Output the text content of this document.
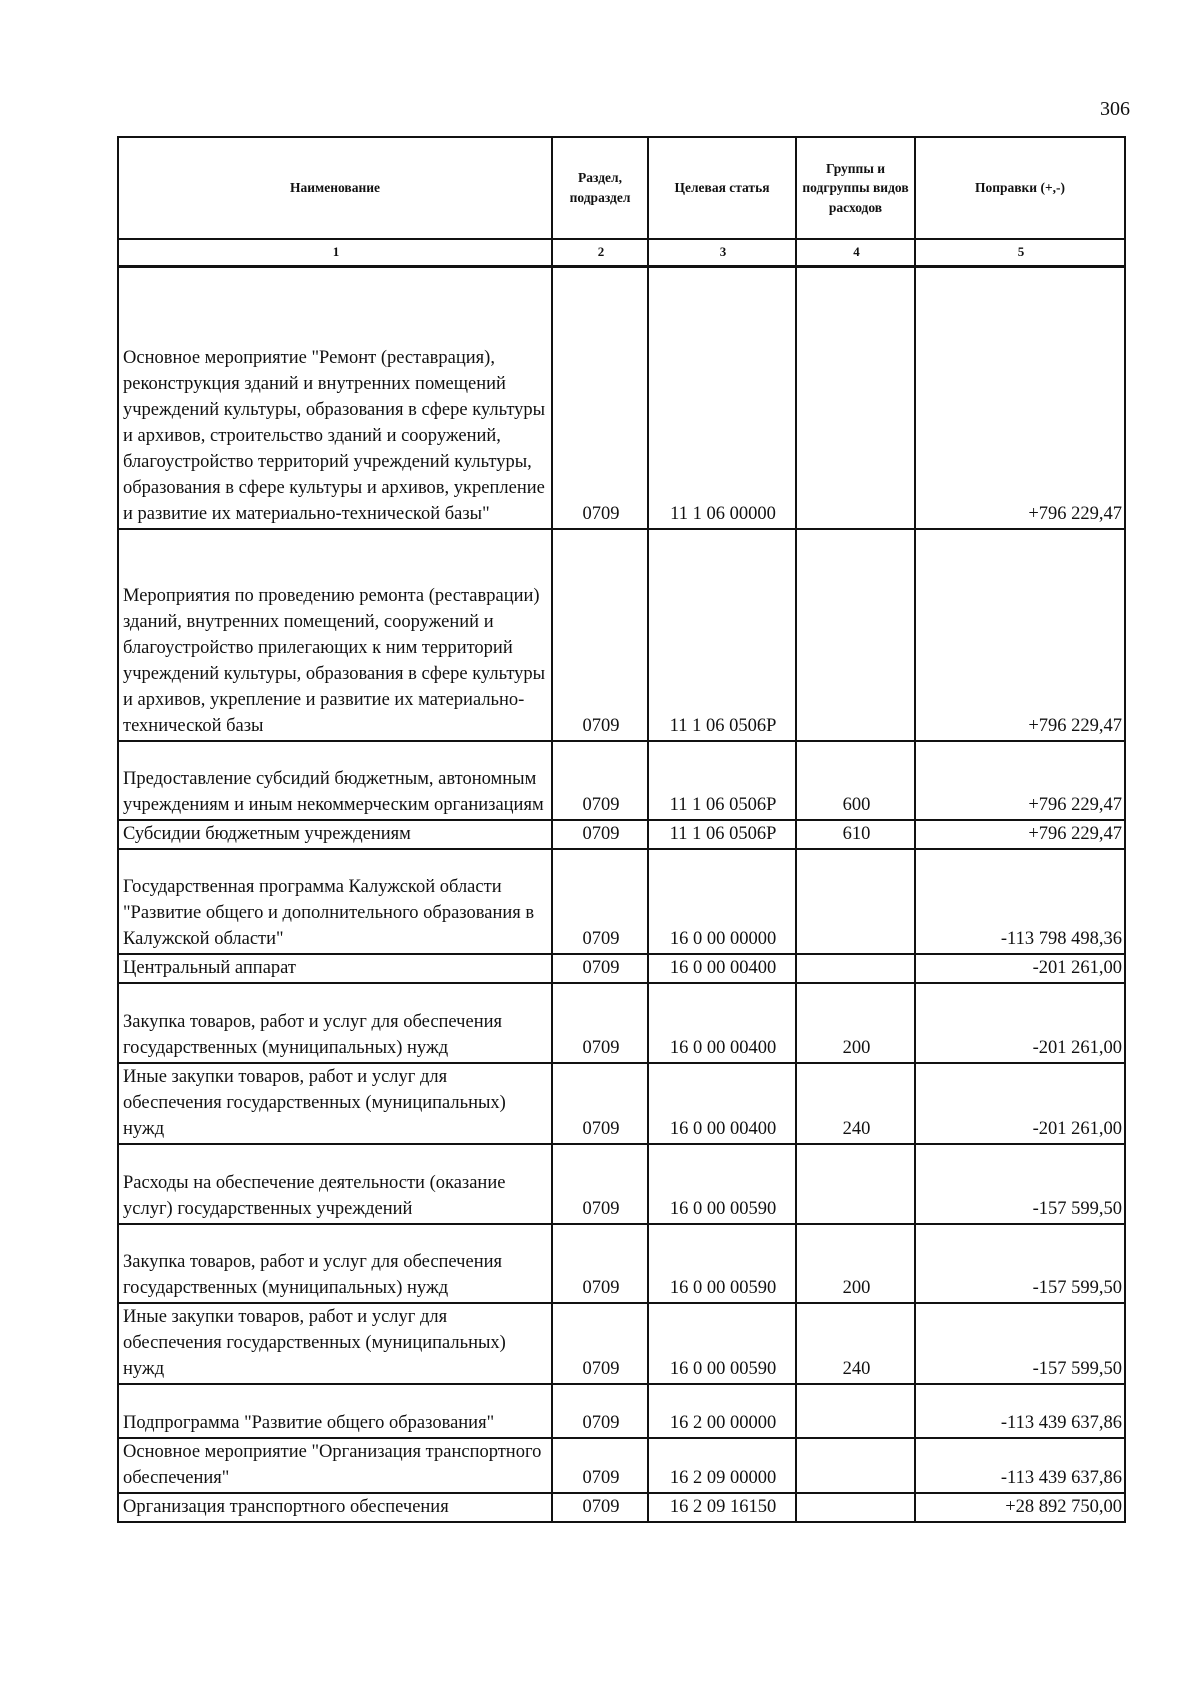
306
Наименование	Раздел, подраздел	Целевая статья	Группы и подгруппы видов расходов	Поправки (+,-)
1	2	3	4	5
Основное мероприятие "Ремонт (реставрация), реконструкция зданий и внутренних помещений учреждений культуры, образования в сфере культуры и архивов, строительство зданий и сооружений, благоустройство территорий учреждений культуры, образования в сфере культуры и архивов, укрепление и развитие их материально-технической базы"	0709	11 1 06 00000		+796 229,47
Мероприятия по проведению ремонта (реставрации) зданий, внутренних помещений, сооружений и благоустройство прилегающих к ним территорий учреждений культуры, образования в сфере культуры и архивов, укрепление и развитие их материально-технической базы	0709	11 1 06 0506Р		+796 229,47
Предоставление субсидий бюджетным, автономным учреждениям и иным некоммерческим организациям	0709	11 1 06 0506Р	600	+796 229,47
Субсидии бюджетным учреждениям	0709	11 1 06 0506Р	610	+796 229,47
Государственная программа Калужской области "Развитие общего и дополнительного образования в Калужской области"	0709	16 0 00 00000		-113 798 498,36
Центральный аппарат	0709	16 0 00 00400		-201 261,00
Закупка товаров, работ и услуг для обеспечения государственных (муниципальных) нужд	0709	16 0 00 00400	200	-201 261,00
Иные закупки товаров, работ и услуг для обеспечения государственных (муниципальных) нужд	0709	16 0 00 00400	240	-201 261,00
Расходы на обеспечение деятельности (оказание услуг) государственных учреждений	0709	16 0 00 00590		-157 599,50
Закупка товаров, работ и услуг для обеспечения государственных (муниципальных) нужд	0709	16 0 00 00590	200	-157 599,50
Иные закупки товаров, работ и услуг для обеспечения государственных (муниципальных) нужд	0709	16 0 00 00590	240	-157 599,50
Подпрограмма "Развитие общего образования"	0709	16 2 00 00000		-113 439 637,86
Основное мероприятие "Организация транспортного обеспечения"	0709	16 2 09 00000		-113 439 637,86
Организация транспортного обеспечения	0709	16 2 09 16150		+28 892 750,00
